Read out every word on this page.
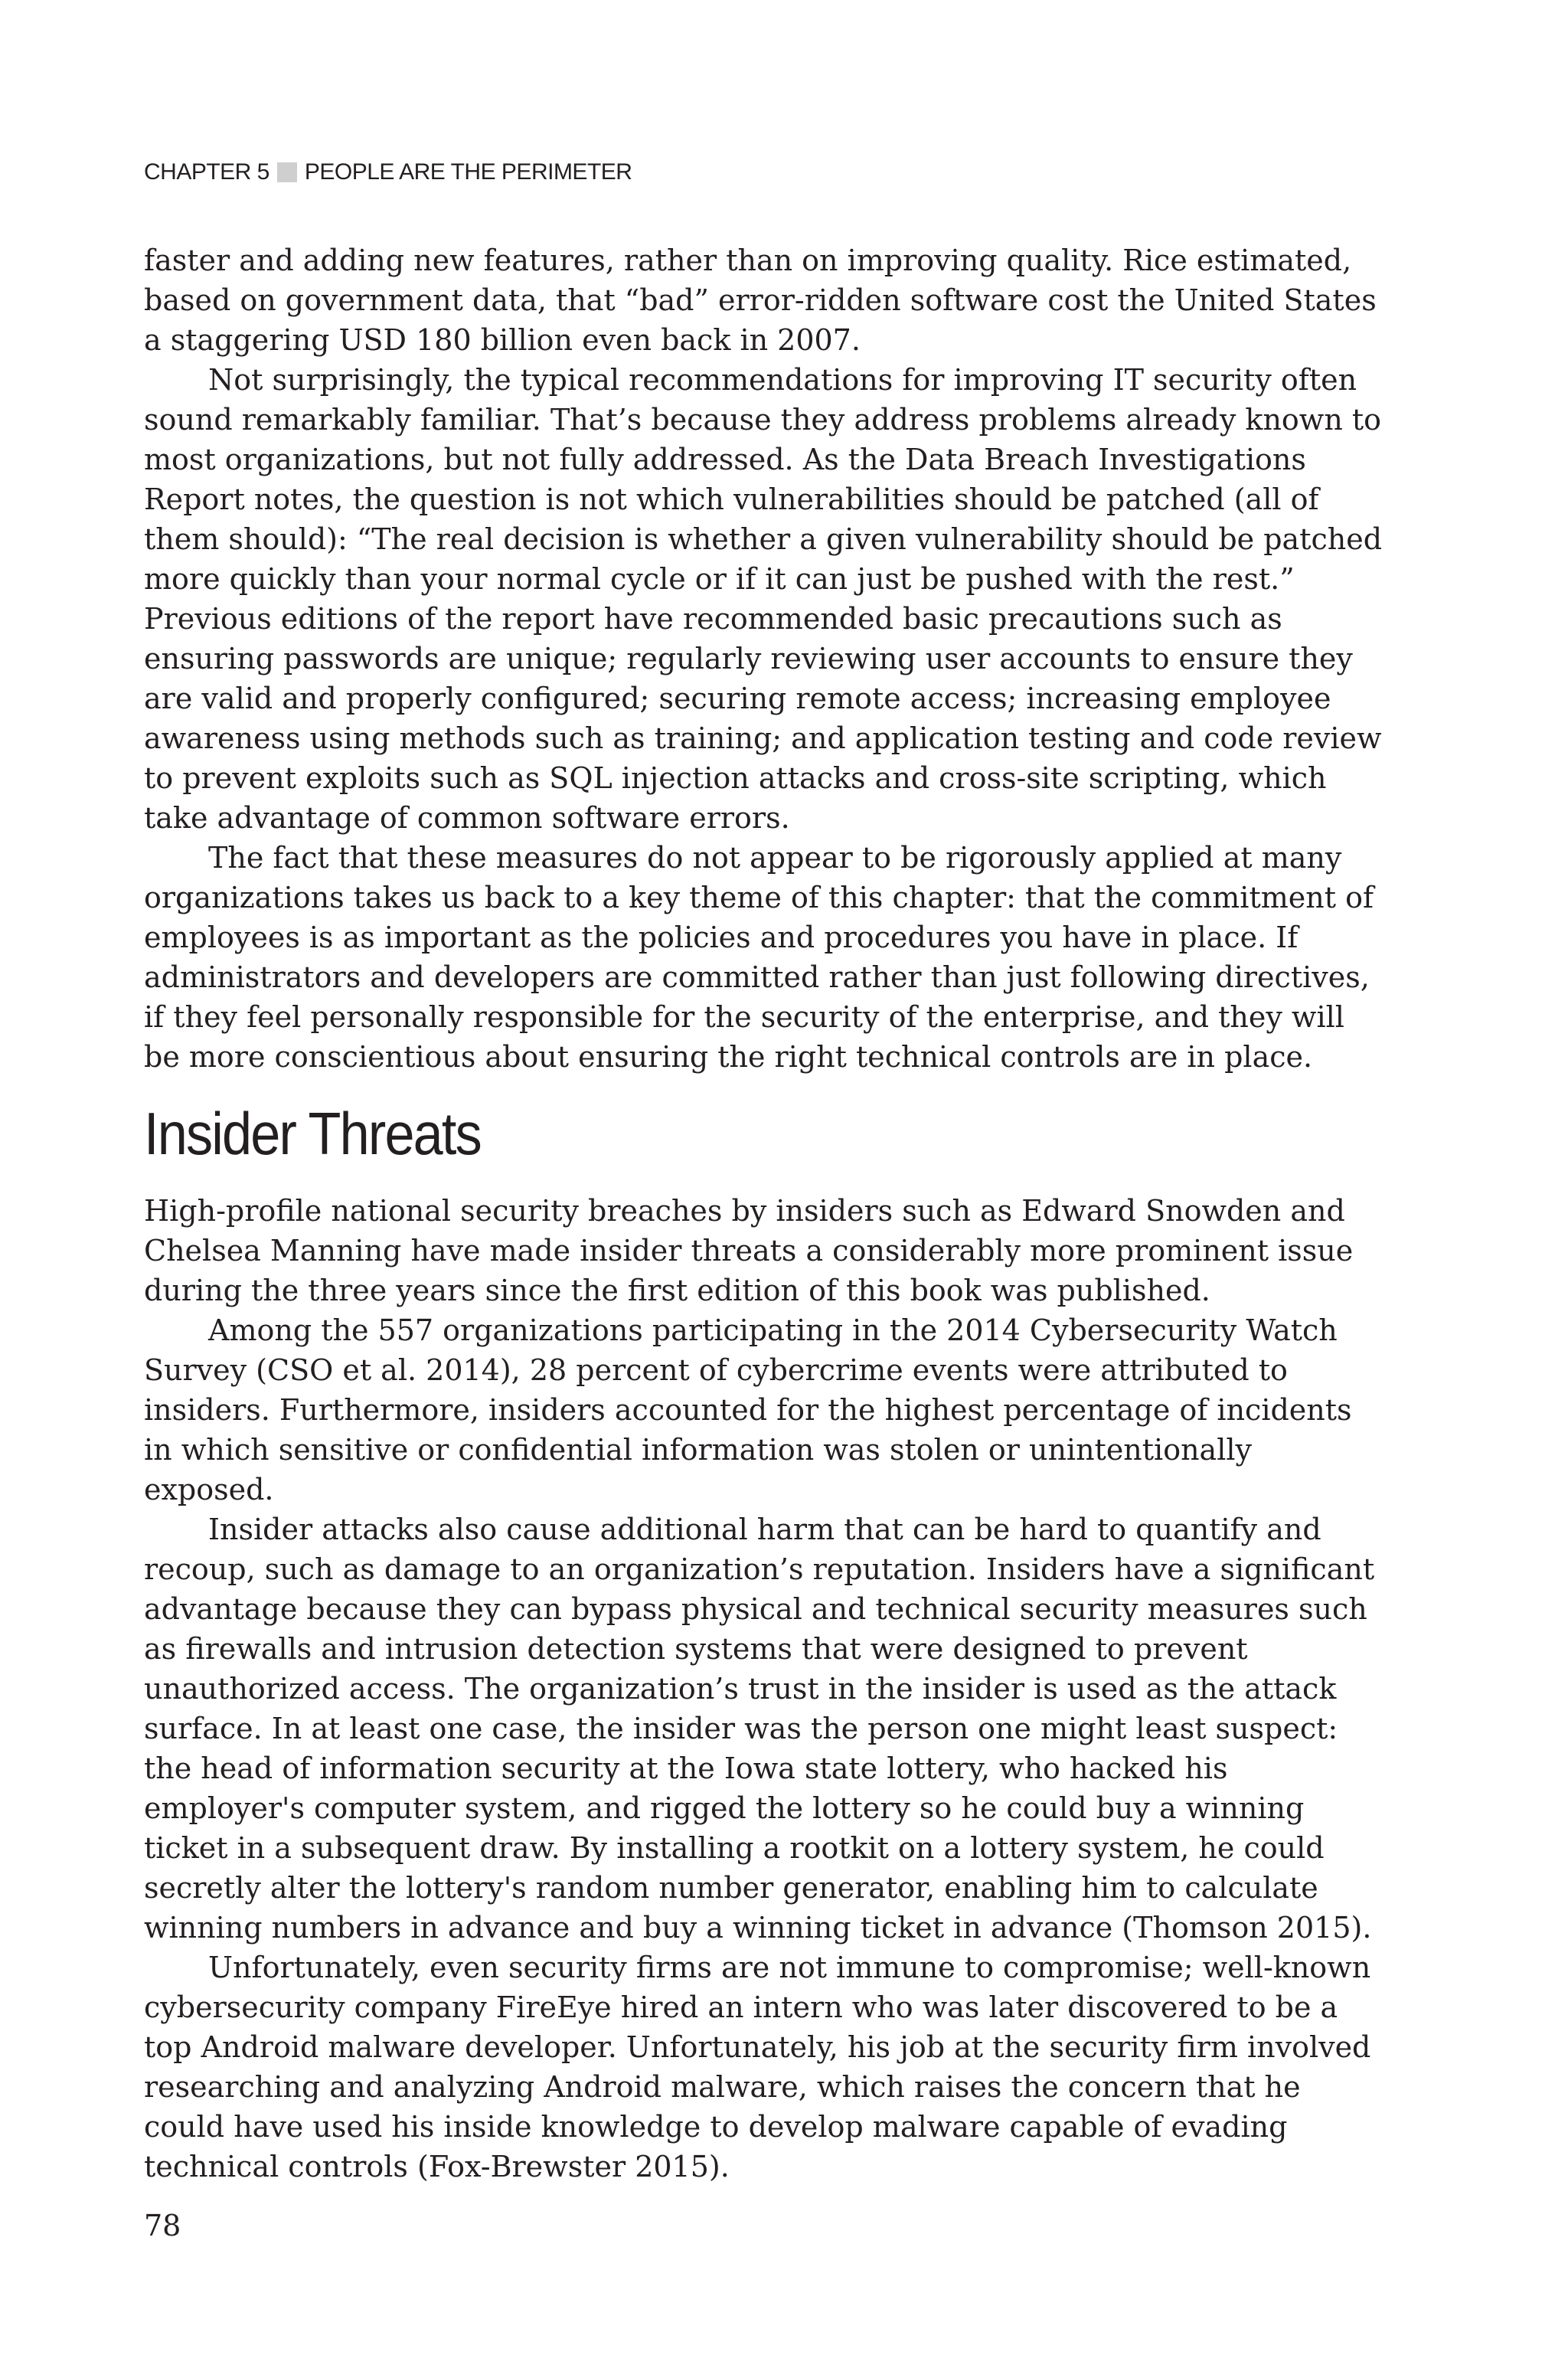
CHAPTER 5 PEOPLE ARE THE PERIMETER

faster and adding new features, rather than on improving quality. Rice estimated, based on government data, that “bad” error-ridden software cost the United States a staggering USD 180 billion even back in 2007.

Not surprisingly, the typical recommendations for improving IT security often sound remarkably familiar. That’s because they address problems already known to most organizations, but not fully addressed. As the Data Breach Investigations Report notes, the question is not which vulnerabilities should be patched (all of them should): “The real decision is whether a given vulnerability should be patched more quickly than your normal cycle or if it can just be pushed with the rest.” Previous editions of the report have recommended basic precautions such as ensuring passwords are unique; regularly reviewing user accounts to ensure they are valid and properly configured; securing remote access; increasing employee awareness using methods such as training; and application testing and code review to prevent exploits such as SQL injection attacks and cross-site scripting, which take advantage of common software errors.

The fact that these measures do not appear to be rigorously applied at many organizations takes us back to a key theme of this chapter: that the commitment of employees is as important as the policies and procedures you have in place. If administrators and developers are committed rather than just following directives, if they feel personally responsible for the security of the enterprise, and they will be more conscientious about ensuring the right technical controls are in place.

Insider Threats

High-profile national security breaches by insiders such as Edward Snowden and Chelsea Manning have made insider threats a considerably more prominent issue during the three years since the first edition of this book was published.

Among the 557 organizations participating in the 2014 Cybersecurity Watch Survey (CSO et al. 2014), 28 percent of cybercrime events were attributed to insiders. Furthermore, insiders accounted for the highest percentage of incidents in which sensitive or confidential information was stolen or unintentionally exposed.

Insider attacks also cause additional harm that can be hard to quantify and recoup, such as damage to an organization’s reputation. Insiders have a significant advantage because they can bypass physical and technical security measures such as firewalls and intrusion detection systems that were designed to prevent unauthorized access. The organization’s trust in the insider is used as the attack surface. In at least one case, the insider was the person one might least suspect: the head of information security at the Iowa state lottery, who hacked his employer's computer system, and rigged the lottery so he could buy a winning ticket in a subsequent draw. By installing a rootkit on a lottery system, he could secretly alter the lottery's random number generator, enabling him to calculate winning numbers in advance and buy a winning ticket in advance (Thomson 2015).

Unfortunately, even security firms are not immune to compromise; well-known cybersecurity company FireEye hired an intern who was later discovered to be a top Android malware developer. Unfortunately, his job at the security firm involved researching and analyzing Android malware, which raises the concern that he could have used his inside knowledge to develop malware capable of evading technical controls (Fox-Brewster 2015).

78
